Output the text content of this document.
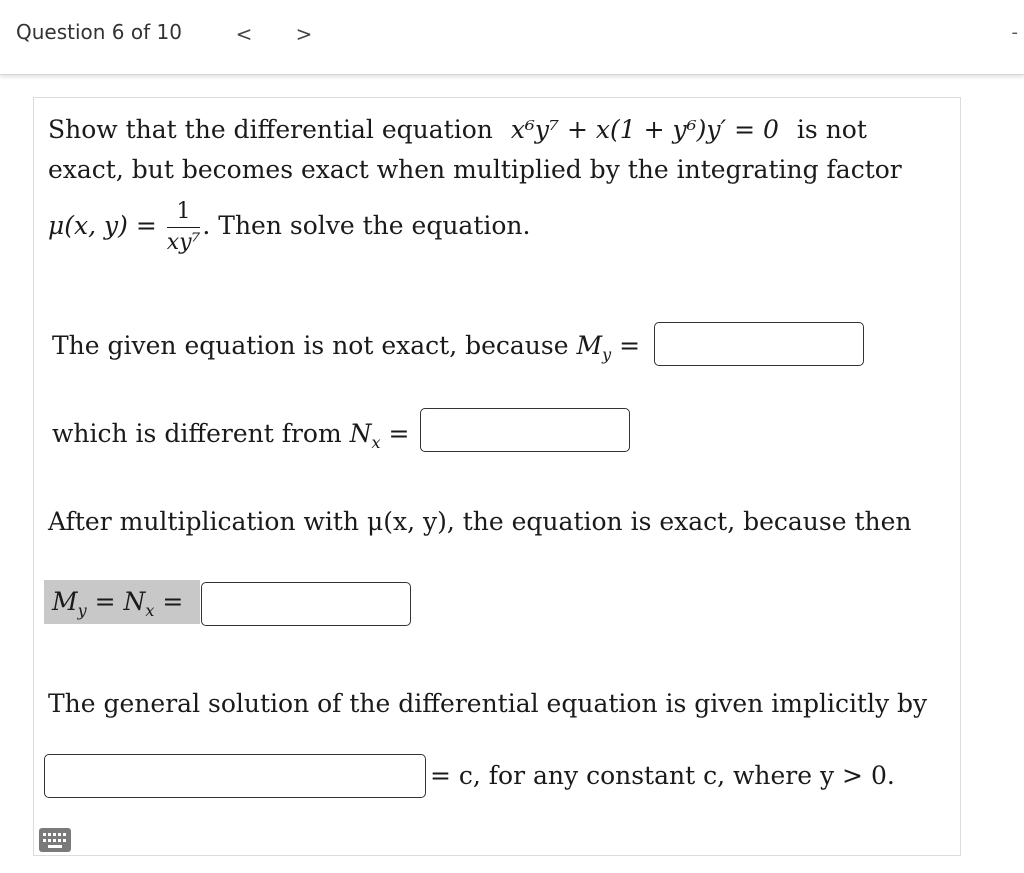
Question 6 of 10	< >	-
Show that the differential equation x⁶y⁷ + x(1 + y⁶)y′ = 0 is not
exact, but becomes exact when multiplied by the integrating factor
μ(x, $y) = \frac{1}{\text{xy⁷}}$ . Then solve the equation.
The given equation is not exact, because $M_y$ =
which is different from $N_x$ =
After multiplication with μ(x, y), the equation is exact, because then
$M_y = N_x$ =
The general solution of the differential equation is given implicitly by
= c, for any constant c, where y > 0.
